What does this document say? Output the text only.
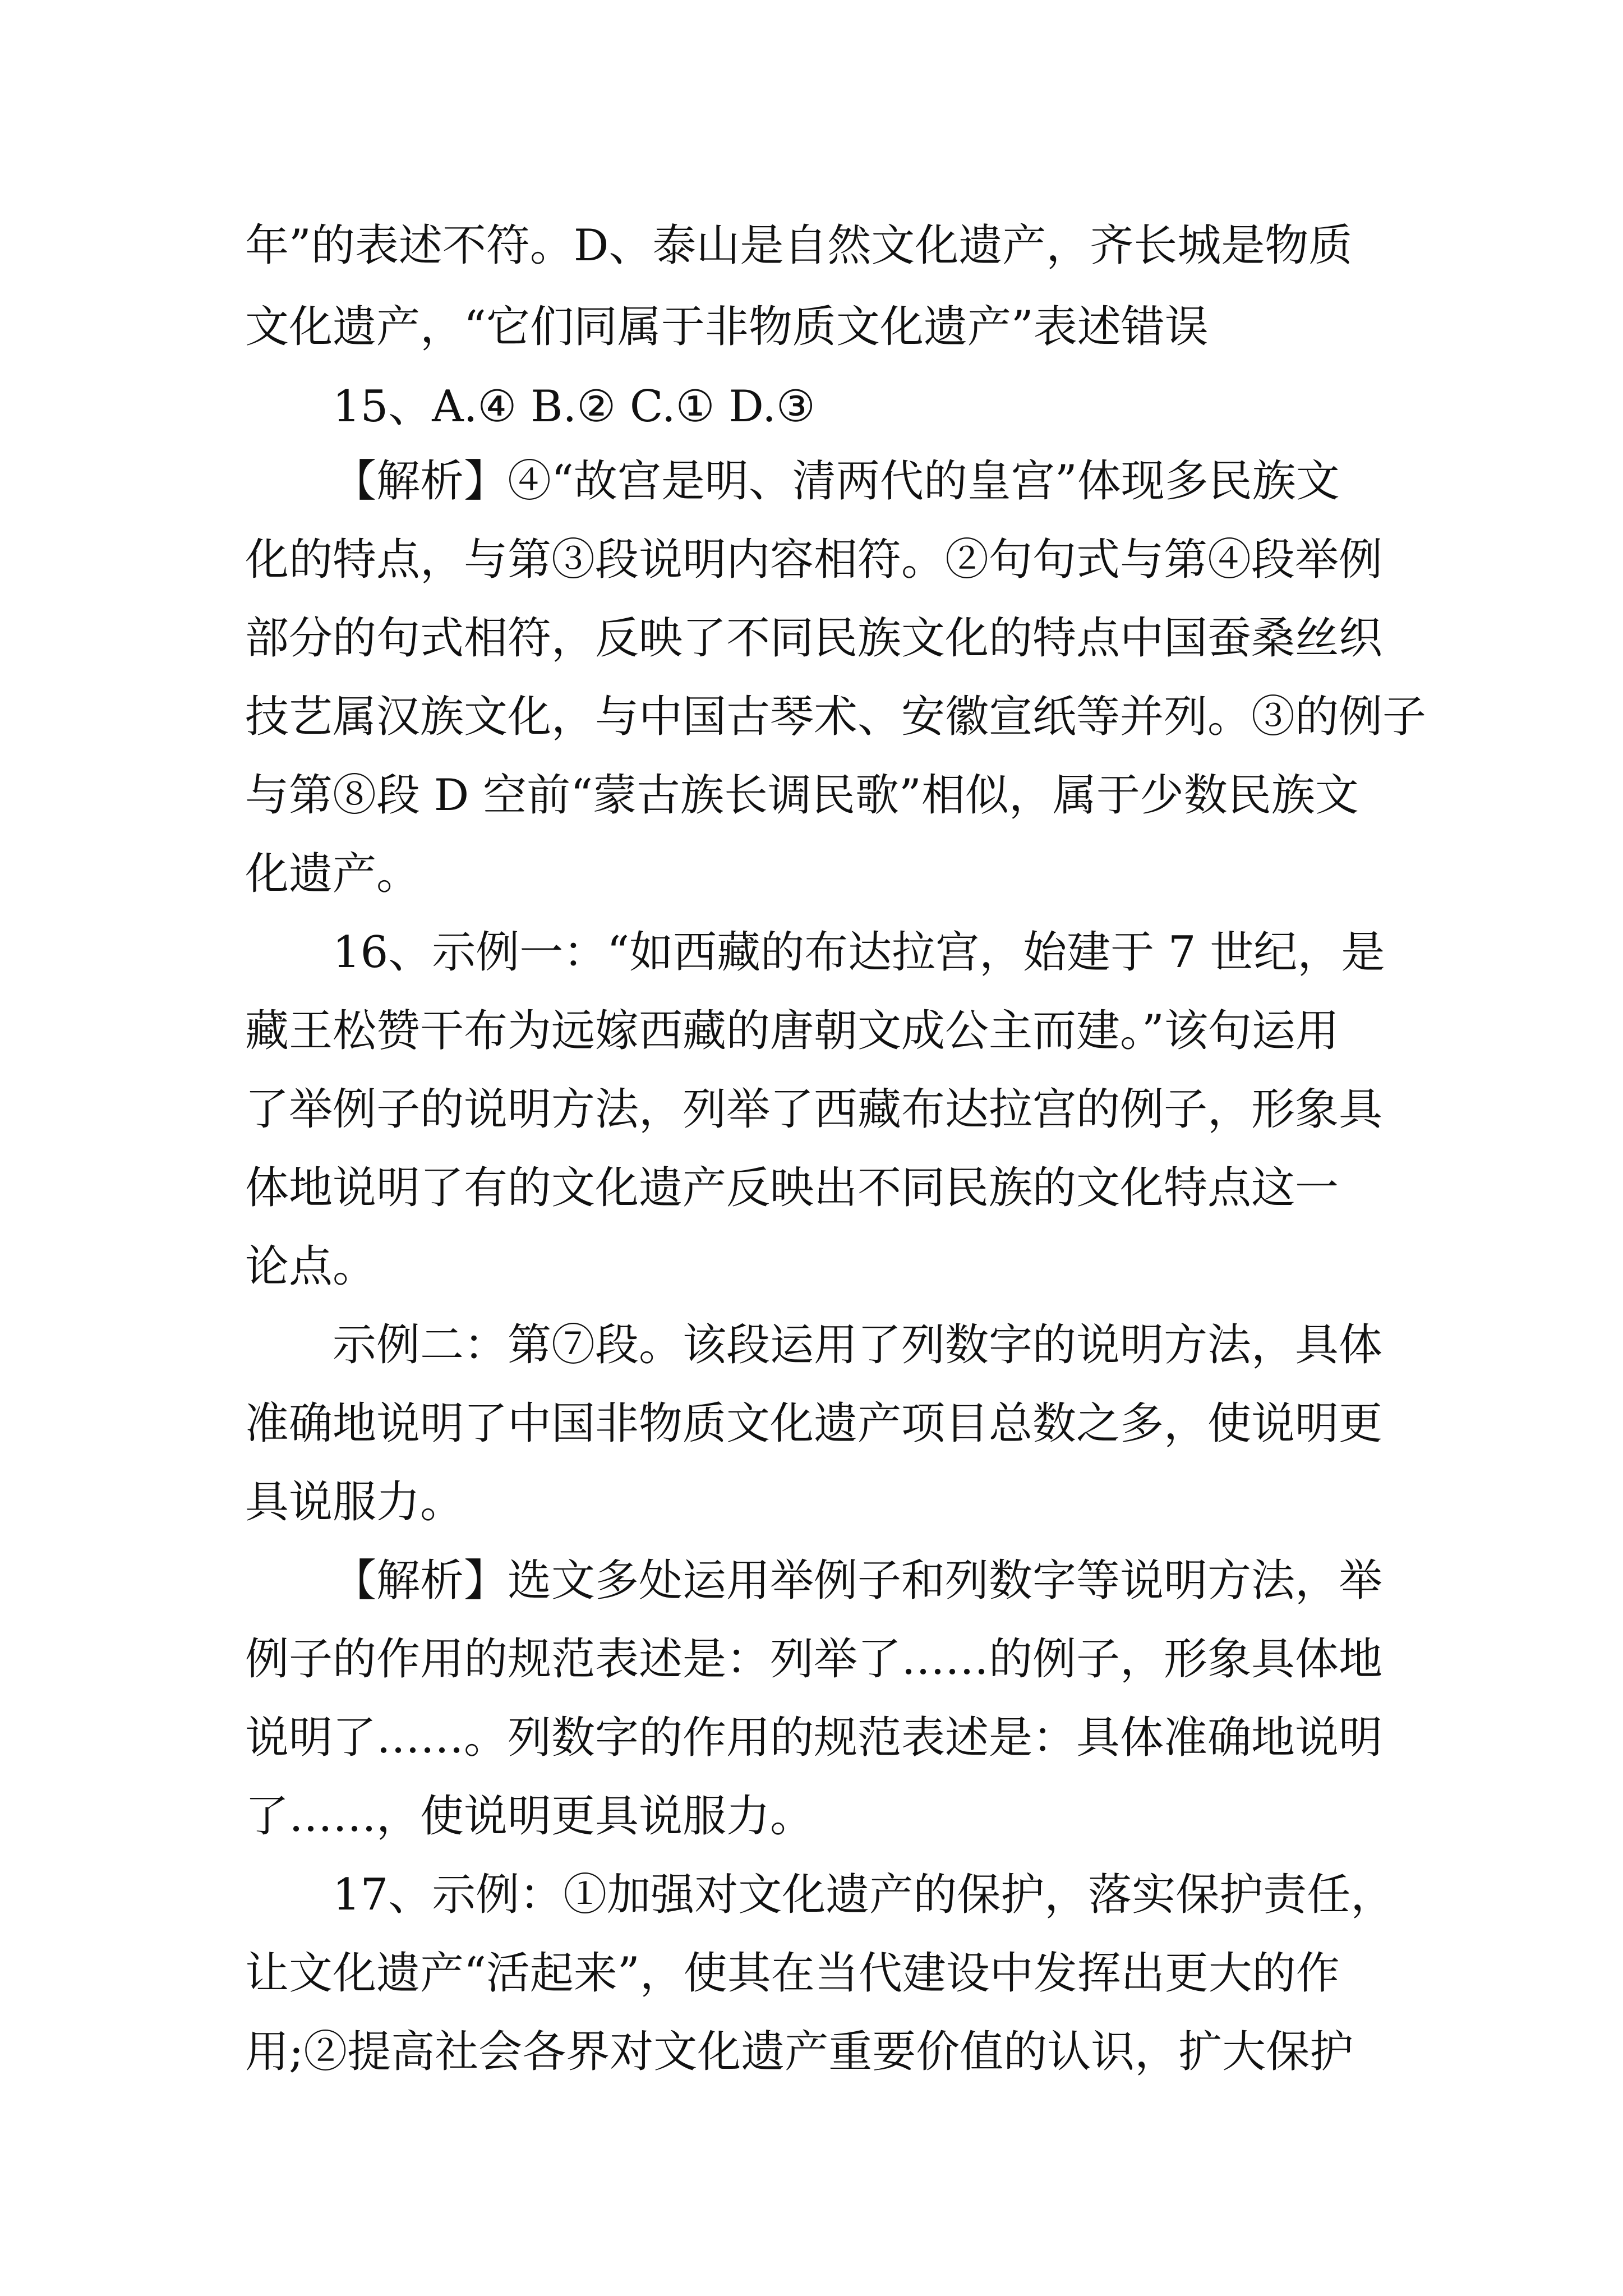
年”的表述不符。D、泰山是自然文化遗产，齐长城是物质
文化遗产，“它们同属于非物质文化遗产”表述错误
15、A.④ B.② C.① D.③
【解析】④“故宫是明、清两代的皇宫”体现多民族文
化的特点，与第③段说明内容相符。②句句式与第④段举例
部分的句式相符，反映了不同民族文化的特点中国蚕桑丝织
技艺属汉族文化，与中国古琴术、安徽宣纸等并列。③的例子
与第⑧段 D 空前“蒙古族长调民歌”相似，属于少数民族文
化遗产。
16、示例一：“如西藏的布达拉宫，始建于 7 世纪，是
藏王松赞干布为远嫁西藏的唐朝文成公主而建。”该句运用
了举例子的说明方法，列举了西藏布达拉宫的例子，形象具
体地说明了有的文化遗产反映出不同民族的文化特点这一
论点。
示例二：第⑦段。该段运用了列数字的说明方法，具体
准确地说明了中国非物质文化遗产项目总数之多，使说明更
具说服力。
【解析】选文多处运用举例子和列数字等说明方法，举
例子的作用的规范表述是：列举了……的例子，形象具体地
说明了……。列数字的作用的规范表述是：具体准确地说明
了……，使说明更具说服力。
17、示例：①加强对文化遗产的保护，落实保护责任，
让文化遗产“活起来”，使其在当代建设中发挥出更大的作
用;②提高社会各界对文化遗产重要价值的认识，扩大保护
